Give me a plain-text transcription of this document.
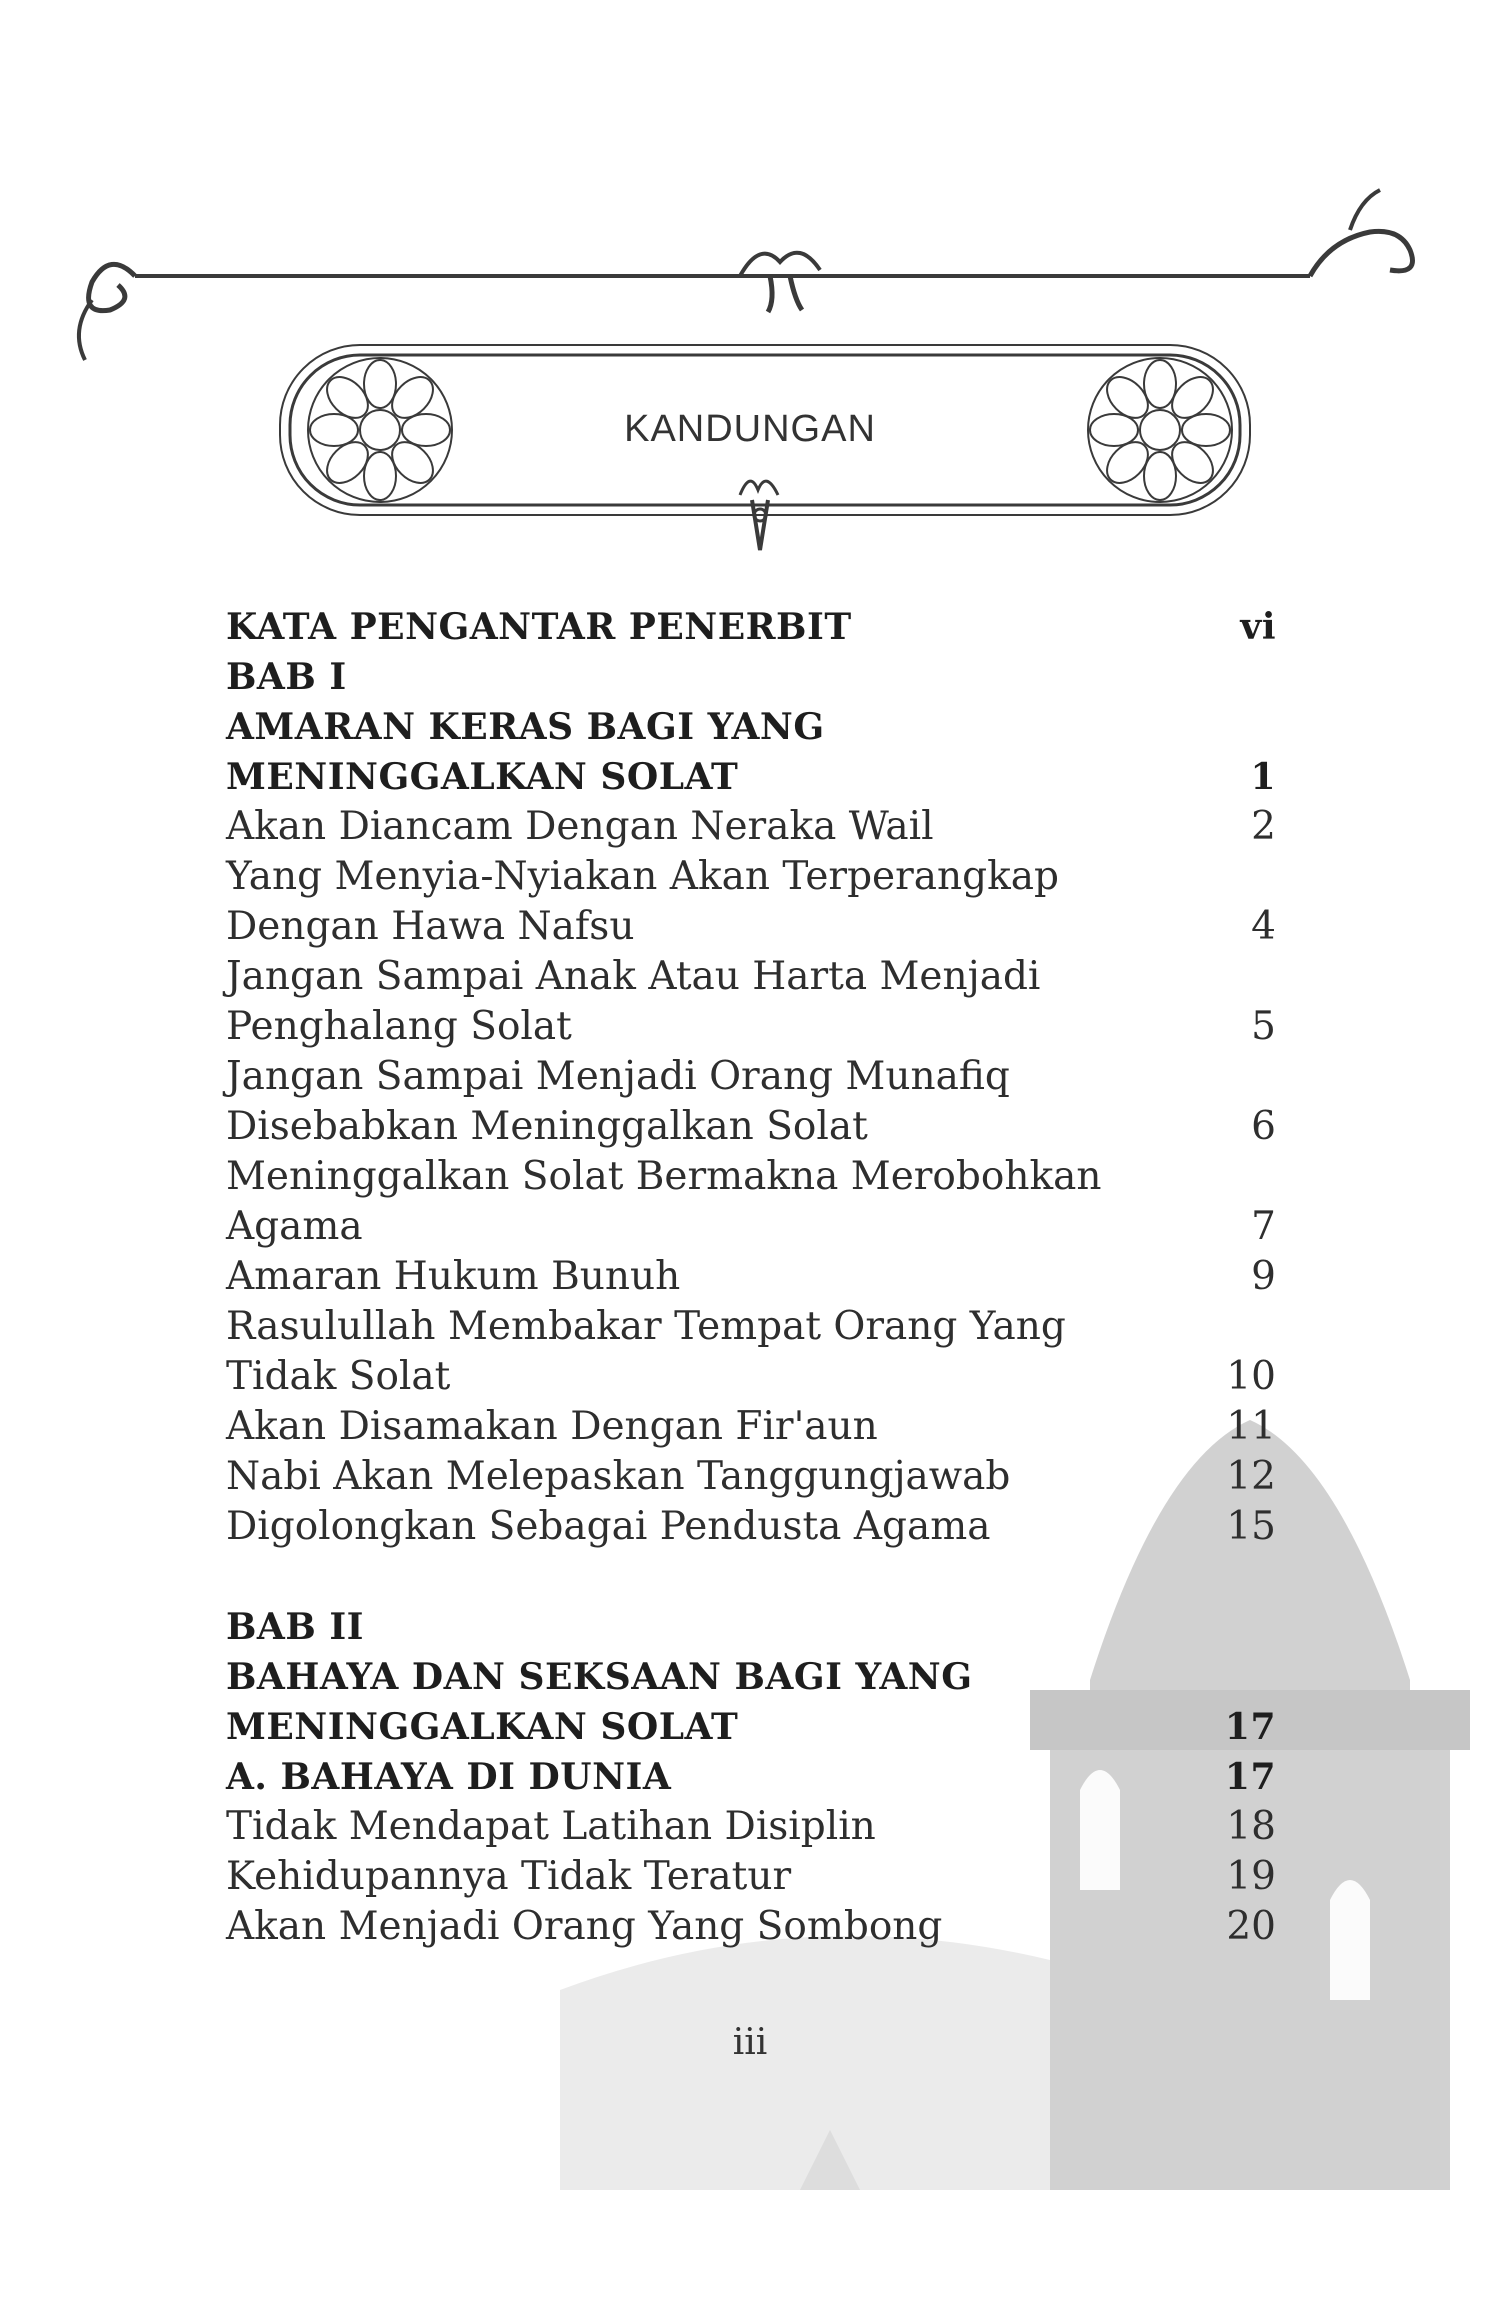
KANDUNGAN
KATA PENGANTAR PENERBIT	vi
BAB I
AMARAN KERAS BAGI YANG
MENINGGALKAN SOLAT	1
Akan Diancam Dengan Neraka Wail	2
Yang Menyia-Nyiakan Akan Terperangkap
Dengan Hawa Nafsu	4
Jangan Sampai Anak Atau Harta Menjadi
Penghalang Solat	5
Jangan Sampai Menjadi Orang Munafiq
Disebabkan Meninggalkan Solat	6
Meninggalkan Solat Bermakna Merobohkan
Agama	7
Amaran Hukum Bunuh	9
Rasulullah Membakar Tempat Orang Yang
Tidak Solat	10
Akan Disamakan Dengan Fir'aun	11
Nabi Akan Melepaskan Tanggungjawab	12
Digolongkan Sebagai Pendusta Agama	15
BAB II
BAHAYA DAN SEKSAAN BAGI YANG
MENINGGALKAN SOLAT	17
A. BAHAYA DI DUNIA	17
Tidak Mendapat Latihan Disiplin	18
Kehidupannya Tidak Teratur	19
Akan Menjadi Orang Yang Sombong	20
iii
